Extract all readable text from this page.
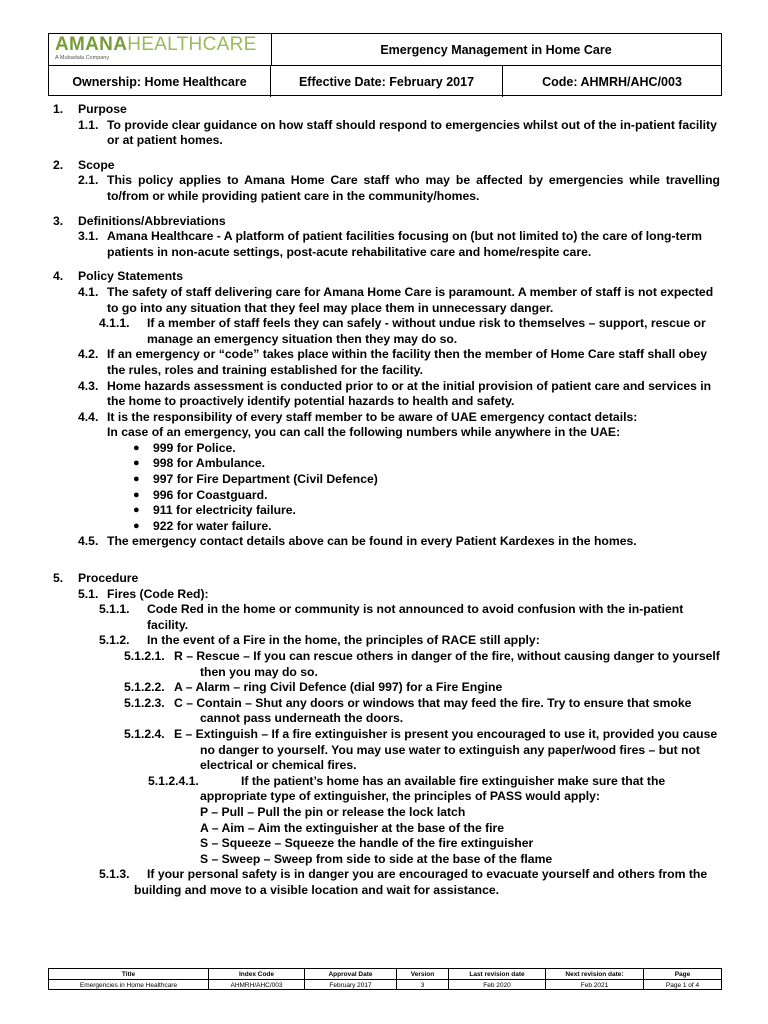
AMANAHEALTHCARE
A Mubadala Company
Emergency Management in Home Care
Ownership: Home Healthcare	Effective Date: February 2017	Code: AHMRH/AHC/003
1. Purpose
1.1. To provide clear guidance on how staff should respond to emergencies whilst out of the in-patient facility
or at patient homes.
2. Scope
2.1. This policy applies to Amana Home Care staff who may be affected by emergencies while travelling
to/from or while providing patient care in the community/homes.
3. Definitions/Abbreviations
3.1. Amana Healthcare - A platform of patient facilities focusing on (but not limited to) the care of long-term
patients in non-acute settings, post-acute rehabilitative care and home/respite care.
4. Policy Statements
4.1. The safety of staff delivering care for Amana Home Care is paramount. A member of staff is not expected
to go into any situation that they feel may place them in unnecessary danger.
4.1.1. If a member of staff feels they can safely - without undue risk to themselves – support, rescue or
manage an emergency situation then they may do so.
4.2. If an emergency or “code” takes place within the facility then the member of Home Care staff shall obey
the rules, roles and training established for the facility.
4.3. Home hazards assessment is conducted prior to or at the initial provision of patient care and services in
the home to proactively identify potential hazards to health and safety.
4.4. It is the responsibility of every staff member to be aware of UAE emergency contact details:
In case of an emergency, you can call the following numbers while anywhere in the UAE:
● 999 for Police.
● 998 for Ambulance.
● 997 for Fire Department (Civil Defence)
● 996 for Coastguard.
● 911 for electricity failure.
● 922 for water failure.
4.5. The emergency contact details above can be found in every Patient Kardexes in the homes.
5. Procedure
5.1. Fires (Code Red):
5.1.1. Code Red in the home or community is not announced to avoid confusion with the in-patient
facility.
5.1.2. In the event of a Fire in the home, the principles of RACE still apply:
5.1.2.1. R – Rescue – If you can rescue others in danger of the fire, without causing danger to yourself
then you may do so.
5.1.2.2. A – Alarm – ring Civil Defence (dial 997) for a Fire Engine
5.1.2.3. C – Contain – Shut any doors or windows that may feed the fire. Try to ensure that smoke
cannot pass underneath the doors.
5.1.2.4. E – Extinguish – If a fire extinguisher is present you encouraged to use it, provided you cause
no danger to yourself. You may use water to extinguish any paper/wood fires – but not
electrical or chemical fires.
5.1.2.4.1.	If the patient’s home has an available fire extinguisher make sure that the
appropriate type of extinguisher, the principles of PASS would apply:
P – Pull – Pull the pin or release the lock latch
A – Aim – Aim the extinguisher at the base of the fire
S – Squeeze – Squeeze the handle of the fire extinguisher
S – Sweep – Sweep from side to side at the base of the flame
5.1.3. If your personal safety is in danger you are encouraged to evacuate yourself and others from the
building and move to a visible location and wait for assistance.
Title	Index Code	Approval Date	Version	Last revision date	Next revision date:	Page
Emergencies in Home Healthcare	AHMRH/AHC/003	February 2017	3	Feb 2020	Feb 2021	Page 1 of 4
